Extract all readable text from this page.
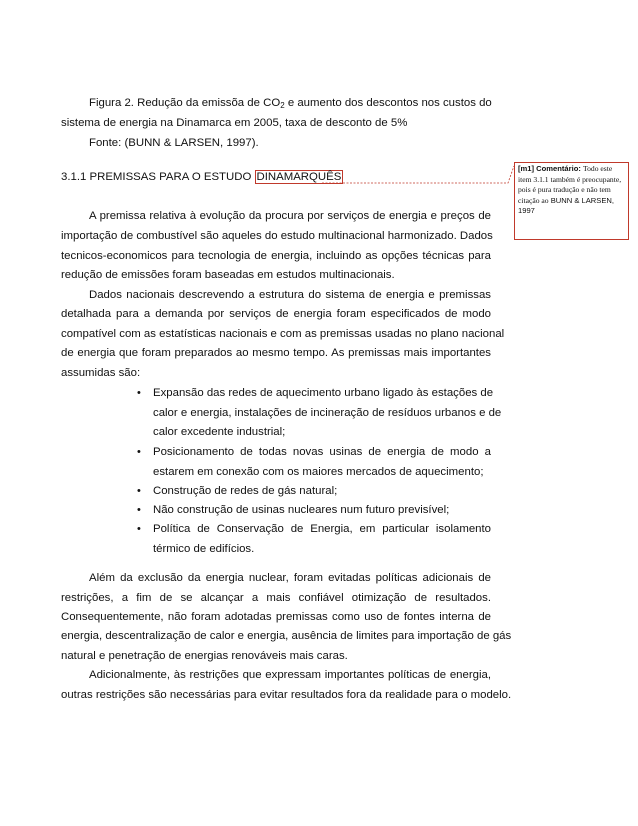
Figura 2. Redução da emissõa de $CO_2$ e aumento dos descontos nos custos do
sistema de energia na Dinamarca em 2005, taxa de desconto de 5%
Fonte: (BUNN & LARSEN, 1997).
3.1.1 PREMISSAS PARA O ESTUDO DINAMARQUÊS
[m1] Comentário: Todo este item 3.1.1 também é preocupante, pois é pura tradução e não tem citação ao BUNN & LARSEN, 1997
A premissa relativa à evolução da procura por serviços de energia e preços de
importação de combustível são aqueles do estudo multinacional harmonizado. Dados
tecnicos-economicos para tecnologia de energia, incluindo as opções técnicas para
redução de emissões foram baseadas em estudos multinacionais.
Dados nacionais descrevendo a estrutura do sistema de energia e premissas
detalhada para a demanda por serviços de energia foram especificados de modo
compatível com as estatísticas nacionais e com as premissas usadas no plano nacional
de energia que foram preparados ao mesmo tempo. As premissas mais importantes
assumidas são:
• Expansão das redes de aquecimento urbano ligado às estações de
calor e energia, instalações de incineração de resíduos urbanos e de
calor excedente industrial;
• Posicionamento de todas novas usinas de energia de modo a
estarem em conexão com os maiores mercados de aquecimento;
• Construção de redes de gás natural;
• Não construção de usinas nucleares num futuro previsível;
• Política de Conservação de Energia, em particular isolamento
térmico de edifícios.
Além da exclusão da energia nuclear, foram evitadas políticas adicionais de
restrições, a fim de se alcançar a mais confiável otimização de resultados.
Consequentemente, não foram adotadas premissas como uso de fontes interna de
energia, descentralização de calor e energia, ausência de limites para importação de gás
natural e penetração de energias renováveis mais caras.
Adicionalmente, às restrições que expressam importantes políticas de energia,
outras restrições são necessárias para evitar resultados fora da realidade para o modelo.
